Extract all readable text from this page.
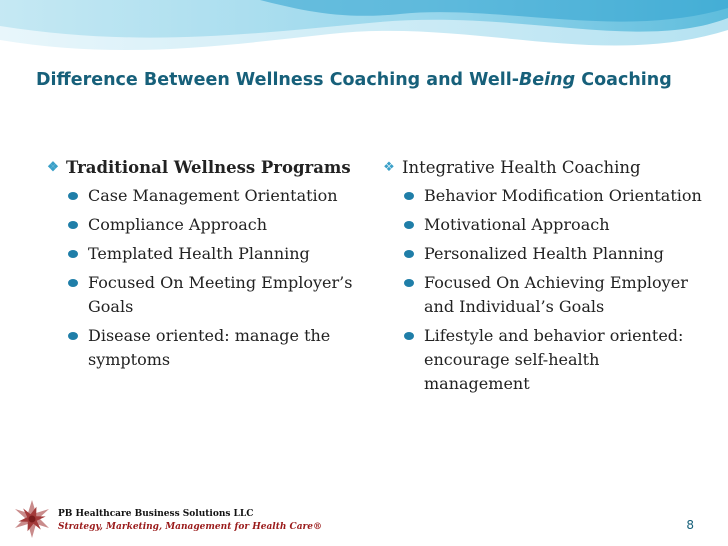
Difference Between Wellness Coaching and Well-Being Coaching
❖ Traditional Wellness Programs
Case Management Orientation
Compliance Approach
Templated Health Planning
Focused On Meeting Employer’s Goals
Disease oriented: manage the symptoms
❖ Integrative Health Coaching
Behavior Modification Orientation
Motivational Approach
Personalized Health Planning
Focused On Achieving Employer and Individual’s Goals
Lifestyle and behavior oriented: encourage self-health management
PB Healthcare Business Solutions LLC
Strategy, Marketing, Management for Health Care®	8
